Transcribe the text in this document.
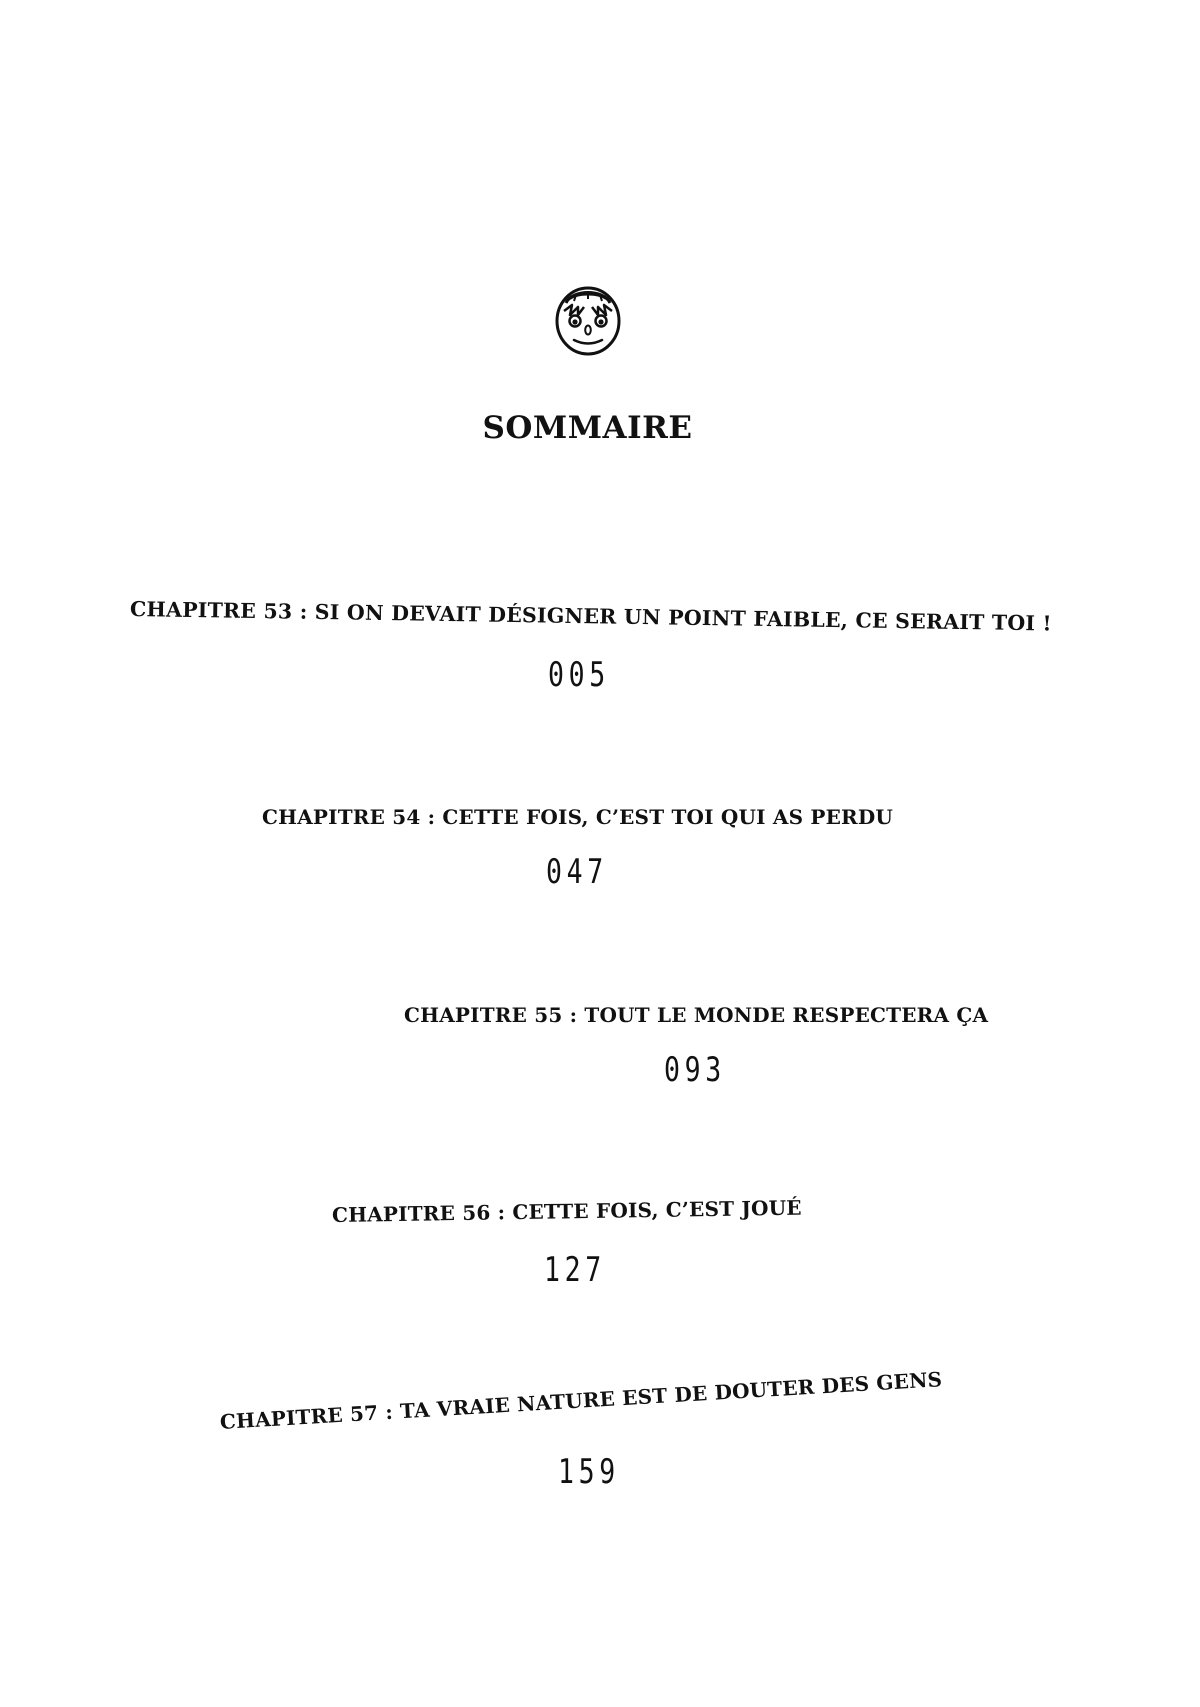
SOMMAIRE
CHAPITRE 53 : SI ON DEVAIT DÉSIGNER UN POINT FAIBLE, CE SERAIT TOI !
005
CHAPITRE 54 : CETTE FOIS, C’EST TOI QUI AS PERDU
047
CHAPITRE 55 : TOUT LE MONDE RESPECTERA ÇA
093
CHAPITRE 56 : CETTE FOIS, C’EST JOUÉ
127
CHAPITRE 57 : TA VRAIE NATURE EST DE DOUTER DES GENS
159
